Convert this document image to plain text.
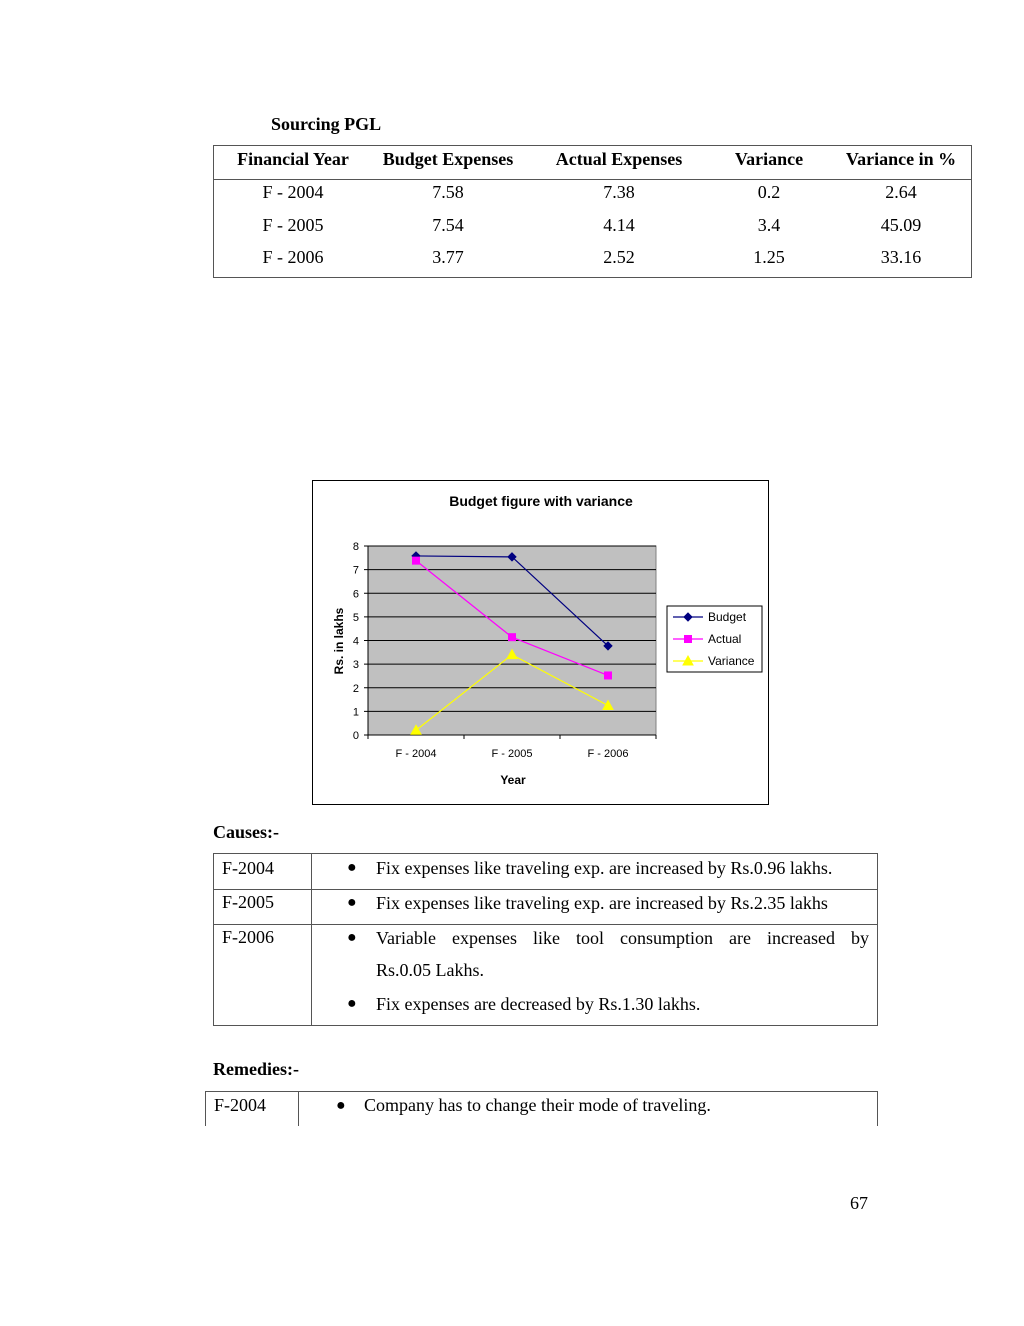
Sourcing PGL
Financial Year	Budget Expenses	Actual Expenses	Variance	Variance in %
F - 2004	7.58	7.38	0.2	2.64
F - 2005	7.54	4.14	3.4	45.09
F - 2006	3.77	2.52	1.25	33.16
Budget figure with variance
0
1
2
3
4
5
6
7
8
F - 2004	F - 2005	F - 2006
Year
Rs. in lakhs	Budget
Actual
Variance
Causes:-
F-2004	● Fix expenses like traveling exp. are increased by Rs.0.96 lakhs.
F-2005	● Fix expenses like traveling exp. are increased by Rs.2.35 lakhs
F-2006	● Variable expenses like tool consumption are increased by
Rs.0.05 Lakhs.
● Fix expenses are decreased by Rs.1.30 lakhs.
Remedies:-
F-2004	● Company has to change their mode of traveling.
67
